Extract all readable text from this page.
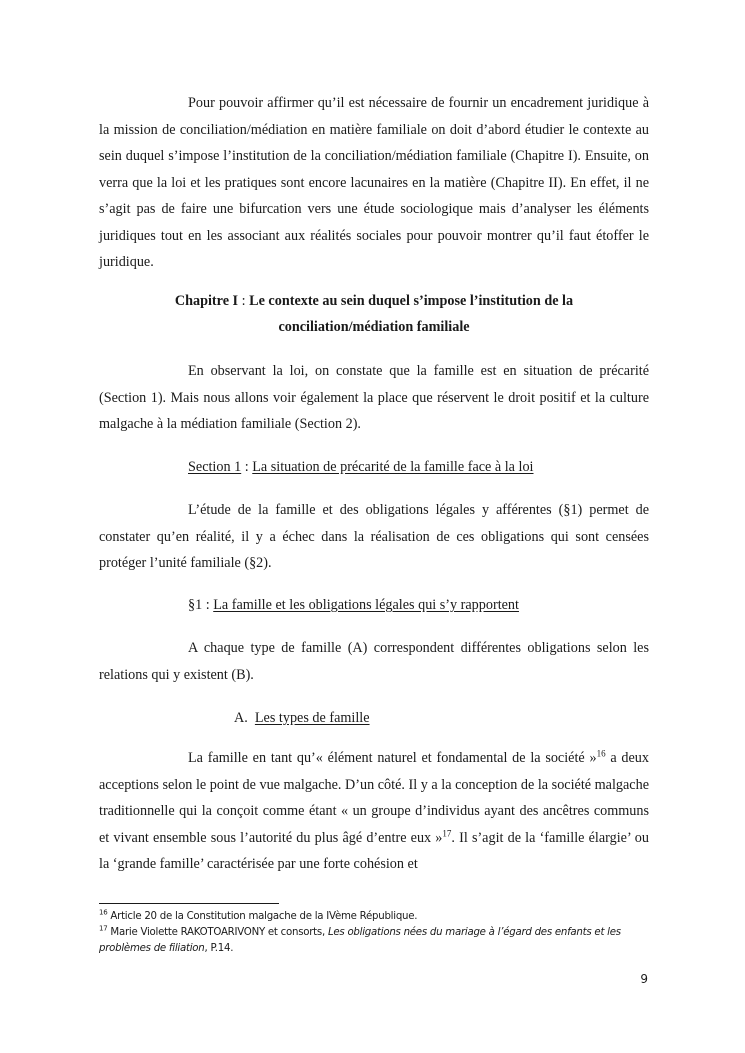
Pour pouvoir affirmer qu’il est nécessaire de fournir un encadrement juridique à la mission de conciliation/médiation en matière familiale on doit d’abord étudier le contexte au sein duquel s’impose l’institution de la conciliation/médiation familiale (Chapitre I). Ensuite, on verra que la loi et les pratiques sont encore lacunaires en la matière (Chapitre II). En effet, il ne s’agit pas de faire une bifurcation vers une étude sociologique mais d’analyser les éléments juridiques tout en les associant aux réalités sociales pour pouvoir montrer qu’il faut étoffer le juridique.

Chapitre I : Le contexte au sein duquel s’impose l’institution de la
conciliation/médiation familiale

En observant la loi, on constate que la famille est en situation de précarité (Section 1). Mais nous allons voir également la place que réservent le droit positif et la culture malgache à la médiation familiale (Section 2).

Section 1 : La situation de précarité de la famille face à la loi

L’étude de la famille et des obligations légales y afférentes (§1) permet de constater qu’en réalité, il y a échec dans la réalisation de ces obligations qui sont censées protéger l’unité familiale (§2).

§1 : La famille et les obligations légales qui s’y rapportent

A chaque type de famille (A) correspondent différentes obligations selon les relations qui y existent (B).

A. Les types de famille

La famille en tant qu’« élément naturel et fondamental de la société »$^{16}$ a deux acceptions selon le point de vue malgache. D’un côté. Il y a la conception de la société malgache traditionnelle qui la conçoit comme étant « un groupe d’individus ayant des ancêtres communs et vivant ensemble sous l’autorité du plus âgé d’entre eux »$^{17}$. Il s’agit de la ‘famille élargie’ ou la ‘grande famille’ caractérisée par une forte cohésion et

$^{16}$ Article 20 de la Constitution malgache de la IVème République.
$^{17}$ Marie Violette RAKOTOARIVONY et consorts, Les obligations nées du mariage à l’égard des enfants et les problèmes de filiation, P.14.

9
